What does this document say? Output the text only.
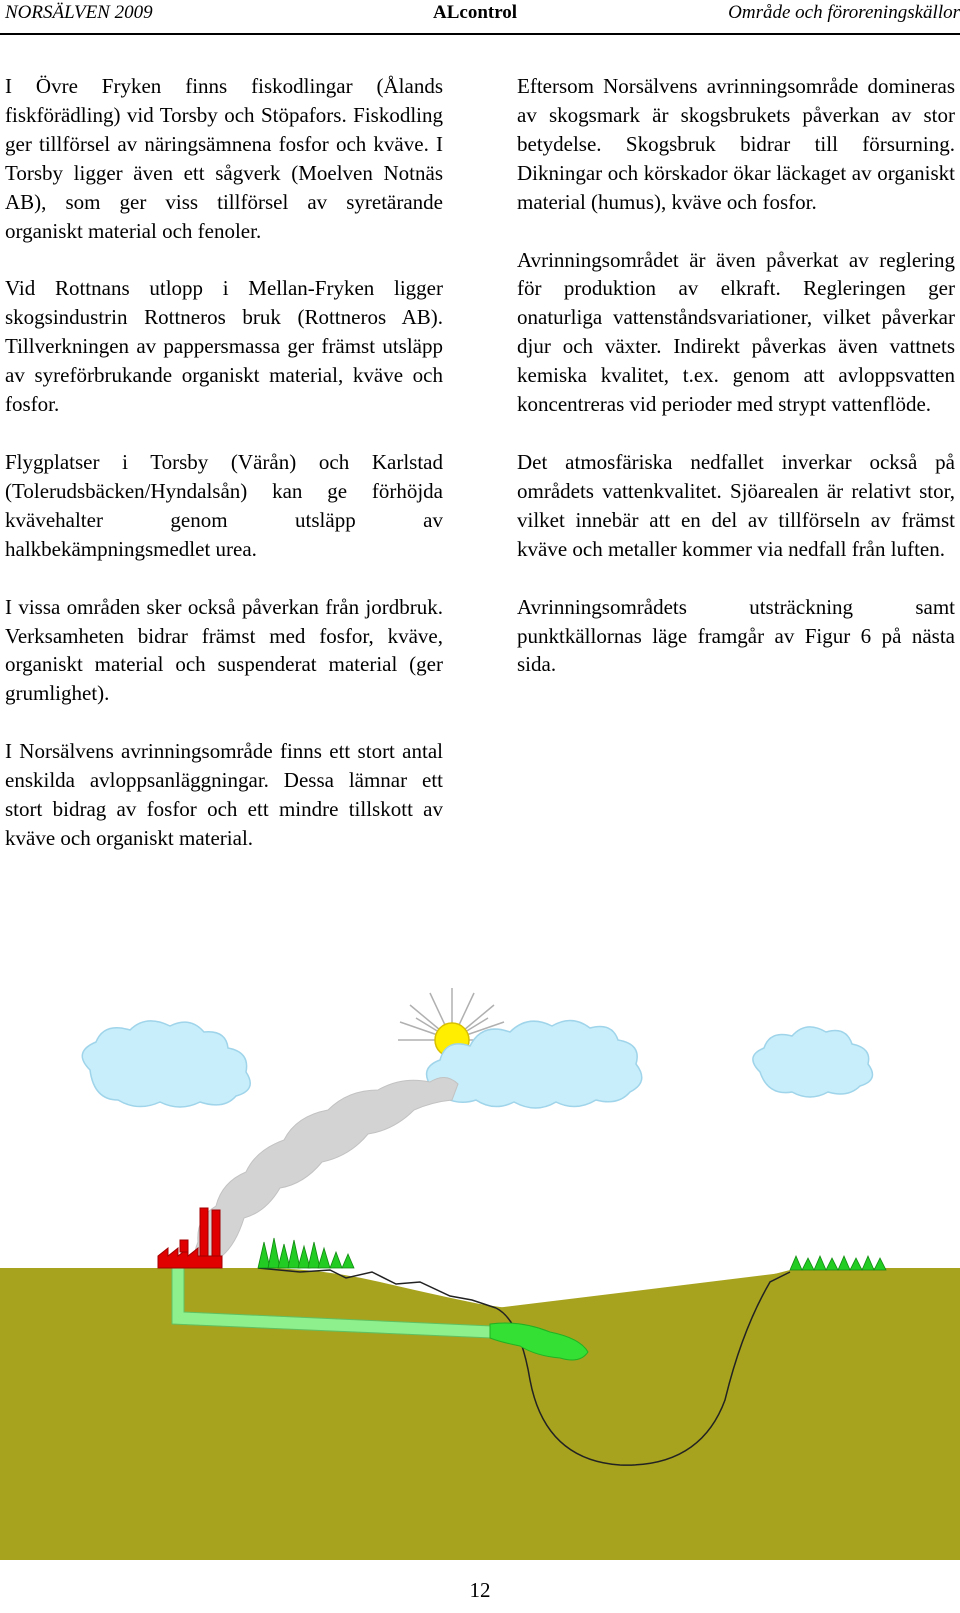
NORSÄLVEN 2009	ALcontrol	Område och föroreningskällor

I Övre Fryken finns fiskodlingar (Ålands fiskförädling) vid Torsby och Stöpafors. Fiskodling ger tillförsel av näringsämnena fosfor och kväve. I Torsby ligger även ett sågverk (Moelven Notnäs AB), som ger viss tillförsel av syretärande organiskt material och fenoler.

Vid Rottnans utlopp i Mellan-Fryken ligger skogsindustrin Rottneros bruk (Rottneros AB). Tillverkningen av pappersmassa ger främst utsläpp av syreförbrukande organiskt material, kväve och fosfor.

Flygplatser i Torsby (Värån) och Karlstad (Tolerudsbäcken/Hyndalsån) kan ge förhöjda kvävehalter genom utsläpp av halkbekämpningsmedlet urea.

I vissa områden sker också påverkan från jordbruk. Verksamheten bidrar främst med fosfor, kväve, organiskt material och suspenderat material (ger grumlighet).

I Norsälvens avrinningsområde finns ett stort antal enskilda avloppsanläggningar. Dessa lämnar ett stort bidrag av fosfor och ett mindre tillskott av kväve och organiskt material.

Eftersom Norsälvens avrinningsområde domineras av skogsmark är skogsbrukets påverkan av stor betydelse. Skogsbruk bidrar till försurning. Dikningar och körskador ökar läckaget av organiskt material (humus), kväve och fosfor.

Avrinningsområdet är även påverkat av reglering för produktion av elkraft. Regleringen ger onaturliga vattenståndsvariationer, vilket påverkar djur och växter. Indirekt påverkas även vattnets kemiska kvalitet, t.ex. genom att avloppsvatten koncentreras vid perioder med strypt vattenflöde.

Det atmosfäriska nedfallet inverkar också på områdets vattenkvalitet. Sjöarealen är relativt stor, vilket innebär att en del av tillförseln av främst kväve och metaller kommer via nedfall från luften.

Avrinningsområdets utsträckning samt punktkällornas läge framgår av Figur 6 på nästa sida.

12
